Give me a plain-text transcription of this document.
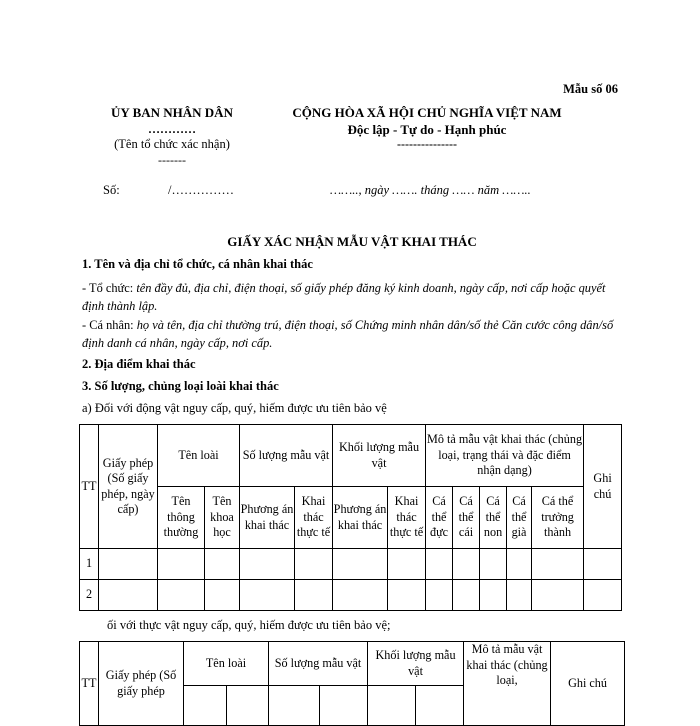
Mẫu số 06
ỦY BAN NHÂN DÂN
…………
(Tên tổ chức xác nhận)
-------
CỘNG HÒA XÃ HỘI CHỦ NGHĨA VIỆT NAM
Độc lập - Tự do - Hạnh phúc
---------------
Số:	/……………	…….., ngày ……. tháng …… năm ……..
GIẤY XÁC NHẬN MẪU VẬT KHAI THÁC
1. Tên và địa chỉ tổ chức, cá nhân khai thác
- Tổ chức: tên đầy đủ, địa chỉ, điện thoại, số giấy phép đăng ký kinh doanh, ngày cấp, nơi cấp hoặc quyết định thành lập.
- Cá nhân: họ và tên, địa chỉ thường trú, điện thoại, số Chứng minh nhân dân/số thẻ Căn cước công dân/số định danh cá nhân, ngày cấp, nơi cấp.
2. Địa điểm khai thác
3. Số lượng, chủng loại loài khai thác
a) Đối với động vật nguy cấp, quý, hiếm được ưu tiên bảo vệ
TT	Giấy phép (Số giấy phép, ngày cấp)	Tên loài		Số lượng mẫu vật		Khối lượng mẫu vật		Mô tả mẫu vật khai thác (chủng loại, trạng thái và đặc điểm nhận dạng)					Ghi chú
		Tên thông thường	Tên khoa học	Phương án khai thác	Khai thác thực tế	Phương án khai thác	Khai thác thực tế	Cá thể đực	Cá thể cái	Cá thể non	Cá thể già	Cá thể trưởng thành	
1													
2													
ối với thực vật nguy cấp, quý, hiếm được ưu tiên bảo vệ;
TT	Giấy phép (Số giấy phép	Tên loài		Số lượng mẫu vật		Khối lượng mẫu vật		Mô tả mẫu vật khai thác (chủng loại,	Ghi chú
